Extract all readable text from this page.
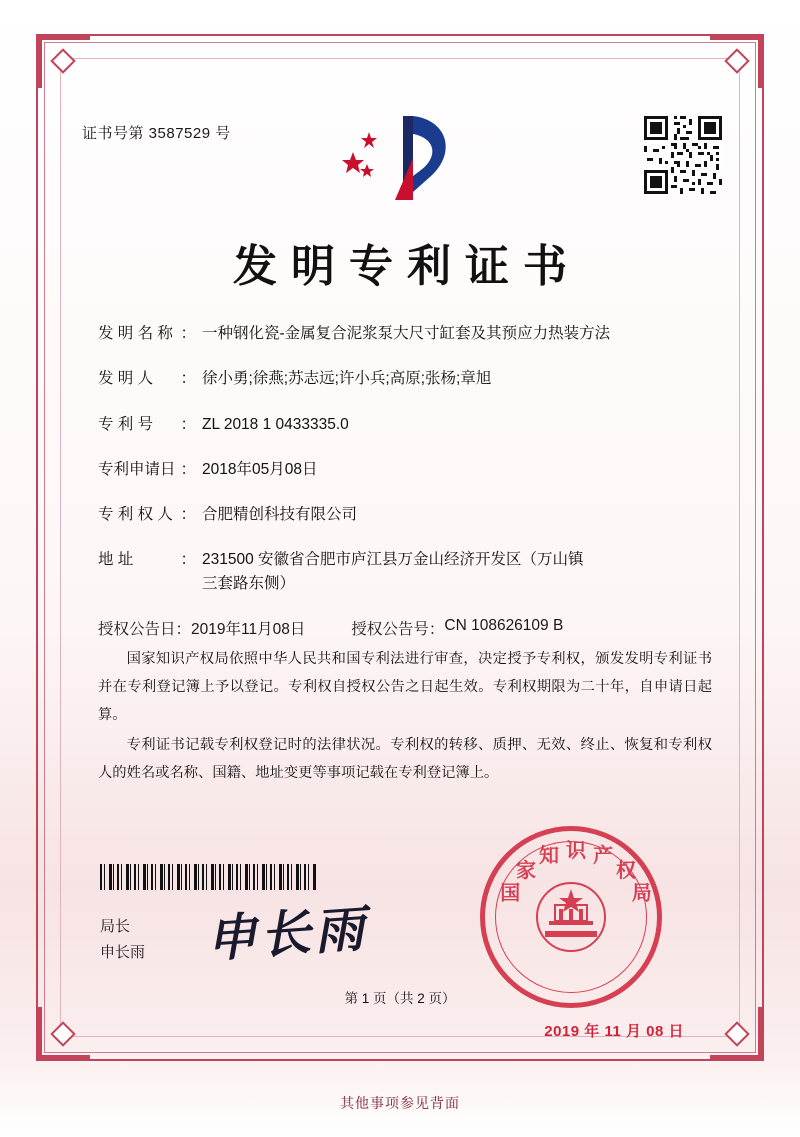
证书号第 3587529 号
发明专利证书
发 明 名 称 ： 一种钢化瓷-金属复合泥浆泵大尺寸缸套及其预应力热装方法
发 明 人 ： 徐小勇;徐燕;苏志远;许小兵;高原;张杨;章旭
专 利 号 ： ZL 2018 1 0433335.0
专利申请日 ： 2018年05月08日
专 利 权 人 ： 合肥精创科技有限公司
地 址	： 231500 安徽省合肥市庐江县万金山经济开发区（万山镇
三套路东侧）
授权公告日 ： 2019年11月08日	授权公告号 ： CN 108626109 B

国家知识产权局依照中华人民共和国专利法进行审查，决定授予专利权，颁发发明专利证书并在专利登记簿上予以登记。专利权自授权公告之日起生效。专利权期限为二十年，自申请日起算。

专利证书记载专利权登记时的法律状况。专利权的转移、质押、无效、终止、恢复和专利权人的姓名或名称、国籍、地址变更等事项记载在专利登记簿上。

局长
申长雨 申长雨
国
家
知 识 产
权
局
2019 年 11 月 08 日
第 1 页（共 2 页）
其他事项参见背面
